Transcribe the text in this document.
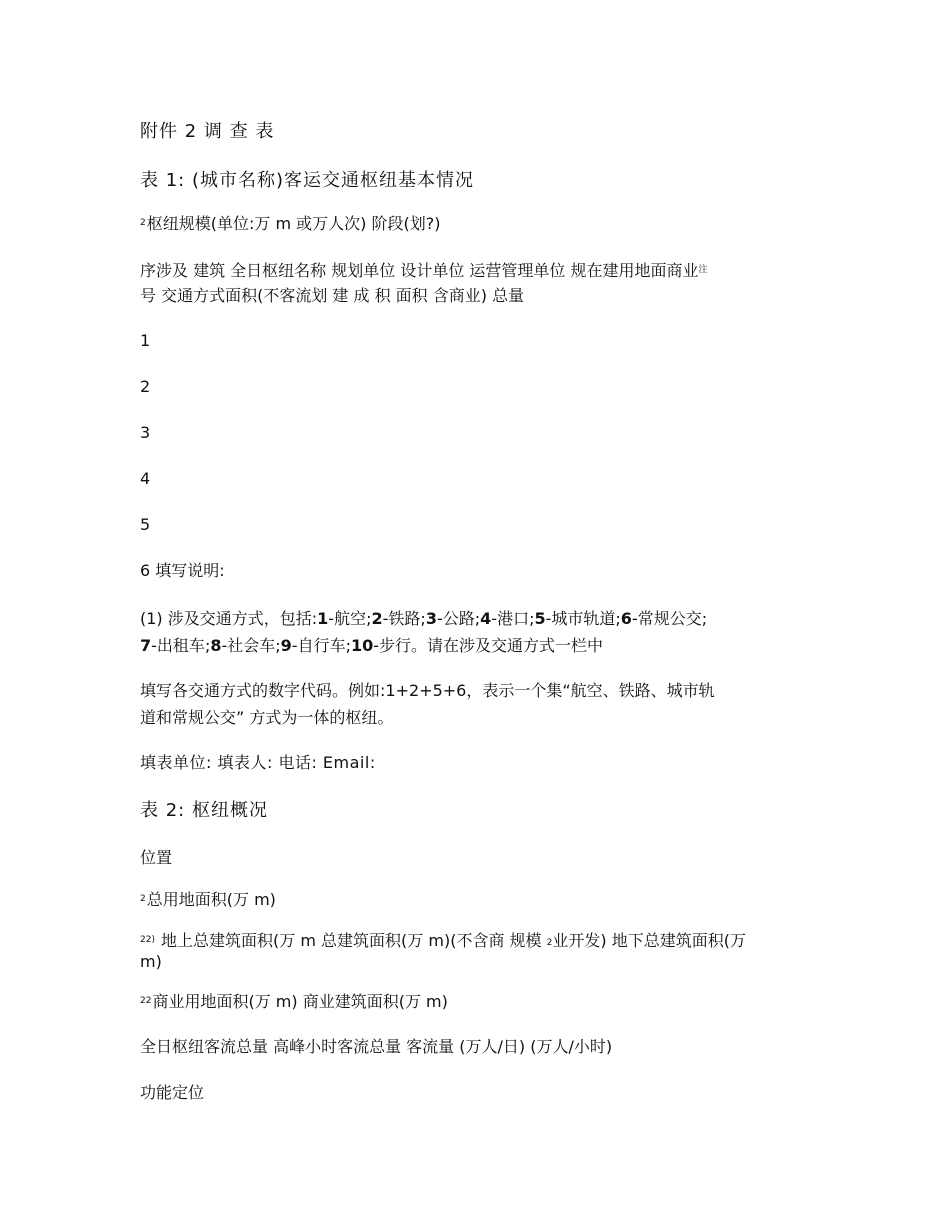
附件 2 调 查 表
表 1: (城市名称)客运交通枢纽基本情况
$^2$枢纽规模(单位:万 m 或万人次) 阶段(划?)
序涉及 建筑 全日枢纽名称 规划单位 设计单位 运营管理单位 规在建用地面商业$^注$
号 交通方式面积(不客流划 建 成 积 面积 含商业) 总量
1
2
3
4
5
6 填写说明:
(1) 涉及交通方式，包括:1-航空;2-铁路;3-公路;4-港口;5-城市轨道;6-常规公交;
7-出租车;8-社会车;9-自行车;10-步行。请在涉及交通方式一栏中
填写各交通方式的数字代码。例如:1+2+5+6，表示一个集“航空、铁路、城市轨
道和常规公交” 方式为一体的枢纽。
填表单位: 填表人: 电话: Email:
表 2: 枢纽概况
位置
$^2$总用地面积(万 m)
$^{22)}$ 地上总建筑面积(万 m 总建筑面积(万 m)(不含商 规模 2业开发) 地下总建筑面积(万
m)
$^{22}$商业用地面积(万 m) 商业建筑面积(万 m)
全日枢纽客流总量 高峰小时客流总量 客流量 (万人/日) (万人/小时)
功能定位
